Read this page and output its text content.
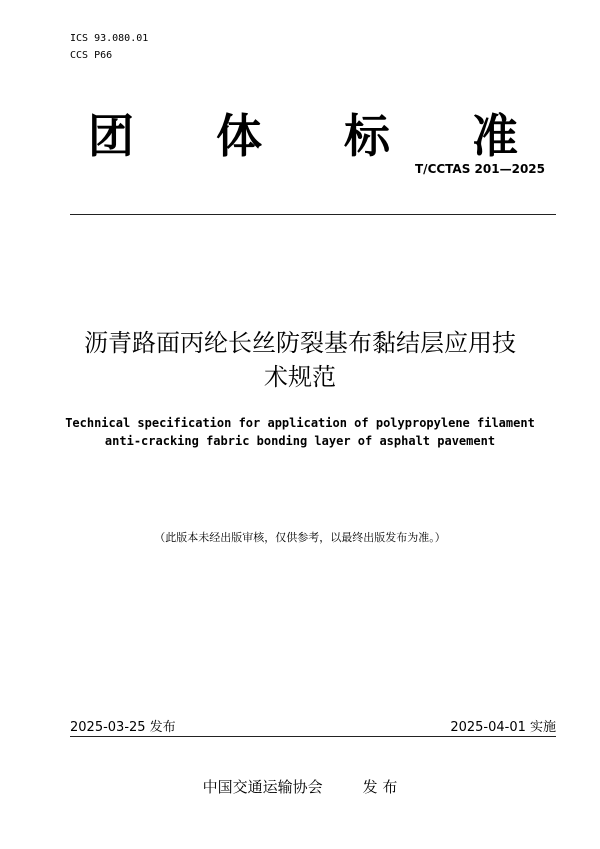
ICS 93.080.01
CCS P66
团 体 标 准
T/CCTAS 201—2025
沥青路面丙纶长丝防裂基布黏结层应用技
术规范
Technical specification for application of polypropylene filament
anti-cracking fabric bonding layer of asphalt pavement
（此版本未经出版审核，仅供参考，以最终出版发布为准。）
2025-03-25 发布	2025-04-01 实施
中国交通运输协会	发 布
